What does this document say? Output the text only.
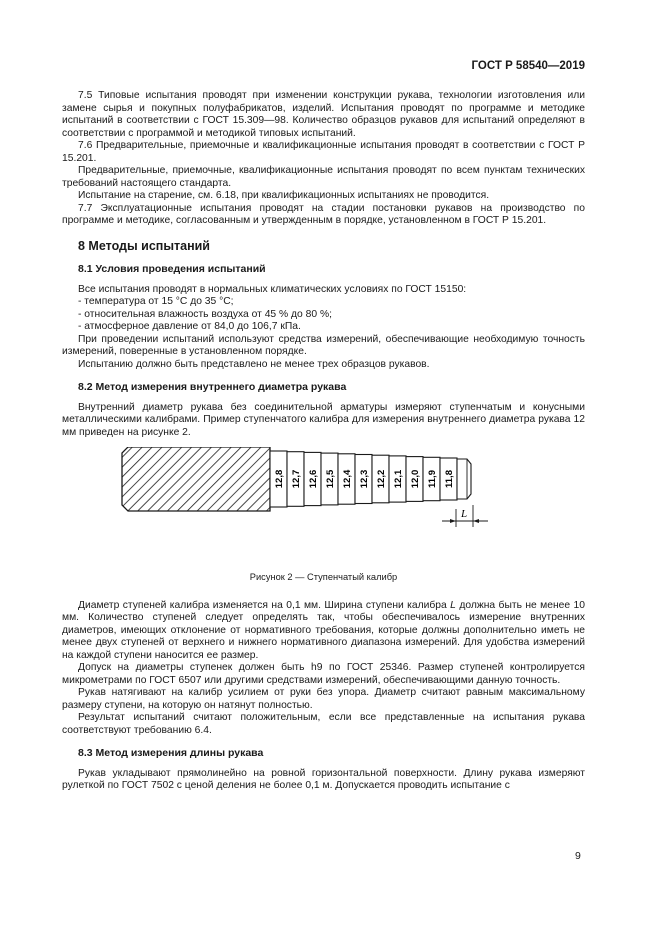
ГОСТ Р 58540—2019

7.5 Типовые испытания проводят при изменении конструкции рукава, технологии изготовления или замене сырья и покупных полуфабрикатов, изделий. Испытания проводят по программе и методике испытаний в соответствии с ГОСТ 15.309—98. Количество образцов рукавов для испытаний определяют в соответствии с программой и методикой типовых испытаний.

7.6 Предварительные, приемочные и квалификационные испытания проводят в соответствии с ГОСТ Р 15.201.

Предварительные, приемочные, квалификационные испытания проводят по всем пунктам технических требований настоящего стандарта.

Испытание на старение, см. 6.18, при квалификационных испытаниях не проводится.

7.7 Эксплуатационные испытания проводят на стадии постановки рукавов на производство по программе и методике, согласованным и утвержденным в порядке, установленном в ГОСТ Р 15.201.

8 Методы испытаний
8.1 Условия проведения испытаний

Все испытания проводят в нормальных климатических условиях по ГОСТ 15150:

- температура от 15 °С до 35 °С;

- относительная влажность воздуха от 45 % до 80 %;

- атмосферное давление от 84,0 до 106,7 кПа.

При проведении испытаний используют средства измерений, обеспечивающие необходимую точность измерений, поверенные в установленном порядке.

Испытанию должно быть представлено не менее трех образцов рукавов.

8.2 Метод измерения внутреннего диаметра рукава

Внутренний диаметр рукава без соединительной арматуры измеряют ступенчатым и конусными металлическими калибрами. Пример ступенчатого калибра для измерения внутреннего диаметра рукава 12 мм приведен на рисунке 2.

12,8 12,7 12,6 12,5 12,4 12,3 12,2 12,1 12,0 11,9 11,8
L
Рисунок 2 — Ступенчатый калибр

Диаметр ступеней калибра изменяется на 0,1 мм. Ширина ступени калибра L должна быть не менее 10 мм. Количество ступеней следует определять так, чтобы обеспечивалось измерение внутренних диаметров, имеющих отклонение от нормативного требования, которые должны дополнительно иметь не менее двух ступеней от верхнего и нижнего нормативного диапазона измерений. Для удобства измерений на каждой ступени наносится ее размер.

Допуск на диаметры ступенек должен быть h9 по ГОСТ 25346. Размер ступеней контролируется микрометрами по ГОСТ 6507 или другими средствами измерений, обеспечивающими данную точность.

Рукав натягивают на калибр усилием от руки без упора. Диаметр считают равным максимальному размеру ступени, на которую он натянут полностью.

Результат испытаний считают положительным, если все представленные на испытания рукава соответствуют требованию 6.4.

8.3 Метод измерения длины рукава

Рукав укладывают прямолинейно на ровной горизонтальной поверхности. Длину рукава измеряют рулеткой по ГОСТ 7502 с ценой деления не более 0,1 м. Допускается проводить испытание с

9
